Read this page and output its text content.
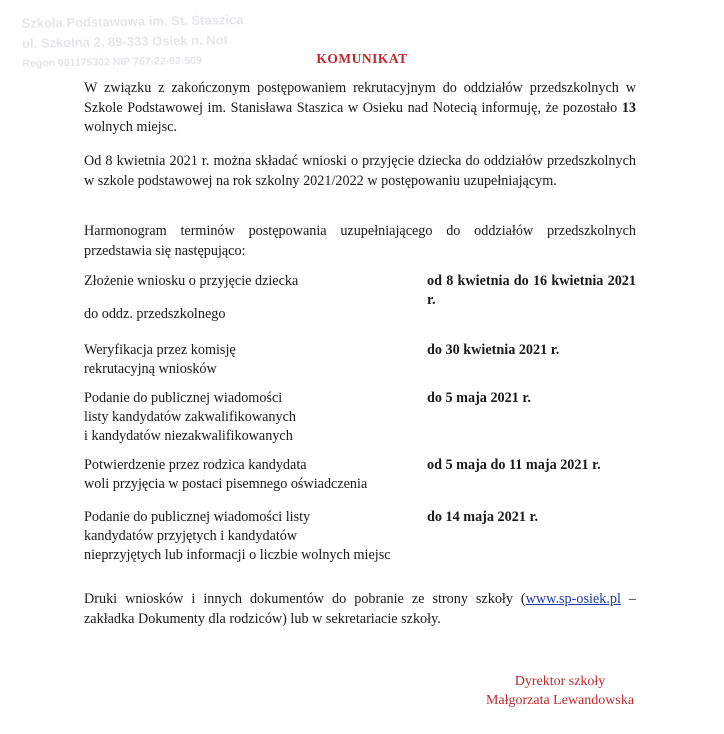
Szkoła Podstawowa im. St. Staszica
ul. Szkolna 2, 89-333 Osiek n. Not
Regon 001175302 NIP 767-22-62-509	KOMUNIKAT
W związku z zakończonym postępowaniem rekrutacyjnym do oddziałów przedszkolnych w Szkole Podstawowej im. Stanisława Staszica w Osieku nad Notecią informuję, że pozostało 13 wolnych miejsc.
Od 8 kwietnia 2021 r. można składać wnioski o przyjęcie dziecka do oddziałów przedszkolnych w szkole podstawowej na rok szkolny 2021/2022 w postępowaniu uzupełniającym.
Harmonogram terminów postępowania uzupełniającego do oddziałów przedszkolnych przedstawia się następująco:
Złożenie wniosku o przyjęcie dziecka
do oddz. przedszkolnego
od 8 kwietnia do 16 kwietnia 2021 r.
Weryfikacja przez komisję
rekrutacyjną wniosków
do 30 kwietnia 2021 r.
Podanie do publicznej wiadomości
listy kandydatów zakwalifikowanych
i kandydatów niezakwalifikowanych
do 5 maja 2021 r.
Potwierdzenie przez rodzica kandydata
woli przyjęcia w postaci pisemnego oświadczenia
od 5 maja do 11 maja 2021 r.
Podanie do publicznej wiadomości listy
kandydatów przyjętych i kandydatów
nieprzyjętych lub informacji o liczbie wolnych miejsc
do 14 maja 2021 r.
Druki wniosków i innych dokumentów do pobranie ze strony szkoły (www.sp-osiek.pl – zakładka Dokumenty dla rodziców) lub w sekretariacie szkoły.
Dyrektor szkoły
Małgorzata Lewandowska
